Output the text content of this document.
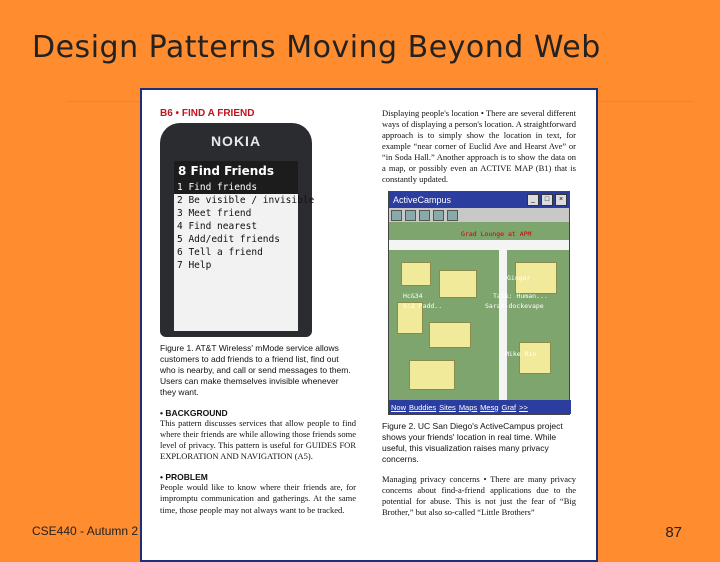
Design Patterns Moving Beyond Web
B6 • FIND A FRIEND
NOKIA
8 Find Friends
1 Find friends
2 Be visible / invisible
3 Meet friend
4 Find nearest
5 Add/edit friends
6 Tell a friend
7 Help
Figure 1. AT&T Wireless' mMode service allows customers to add friends to a friend list, find out who is nearby, and call or send messages to them. Users can make themselves invisible whenever they want.
• BACKGROUND
This pattern discusses services that allow people to find where their friends are while allowing those friends some level of privacy. This pattern is useful for GUIDES FOR EXPLORATION AND NAVIGATION (A5).
• PROBLEM
People would like to know where their friends are, for impromptu communication and gatherings. At the same time, those people may not always want to be tracked.
Displaying people's location • There are several different ways of displaying a person's location. A straightforward approach is to simply show the location in text, for example “near corner of Euclid Ave and Hearst Ave” or “in Soda Hall.” Another approach is to show the data on a map, or possibly even an ACTIVE MAP (B1) that is constantly updated.
ActiveCampus	_	□	×
Grad Lounge at APM
Ginger
Hc&34
S:2 Padd..
Talk: Human...
Sarah-dockevape
Mike Rin
Now Buddies Sites Maps Mesg Graf >>
Figure 2. UC San Diego's ActiveCampus project shows your friends' location in real time. While useful, this visualization raises many privacy concerns.
Managing privacy concerns • There are many privacy concerns about find-a-friend applications due to the potential for abuse. This is not just the fear of “Big Brother,” but also so-called “Little Brothers”
CSE440 - Autumn 2	87
